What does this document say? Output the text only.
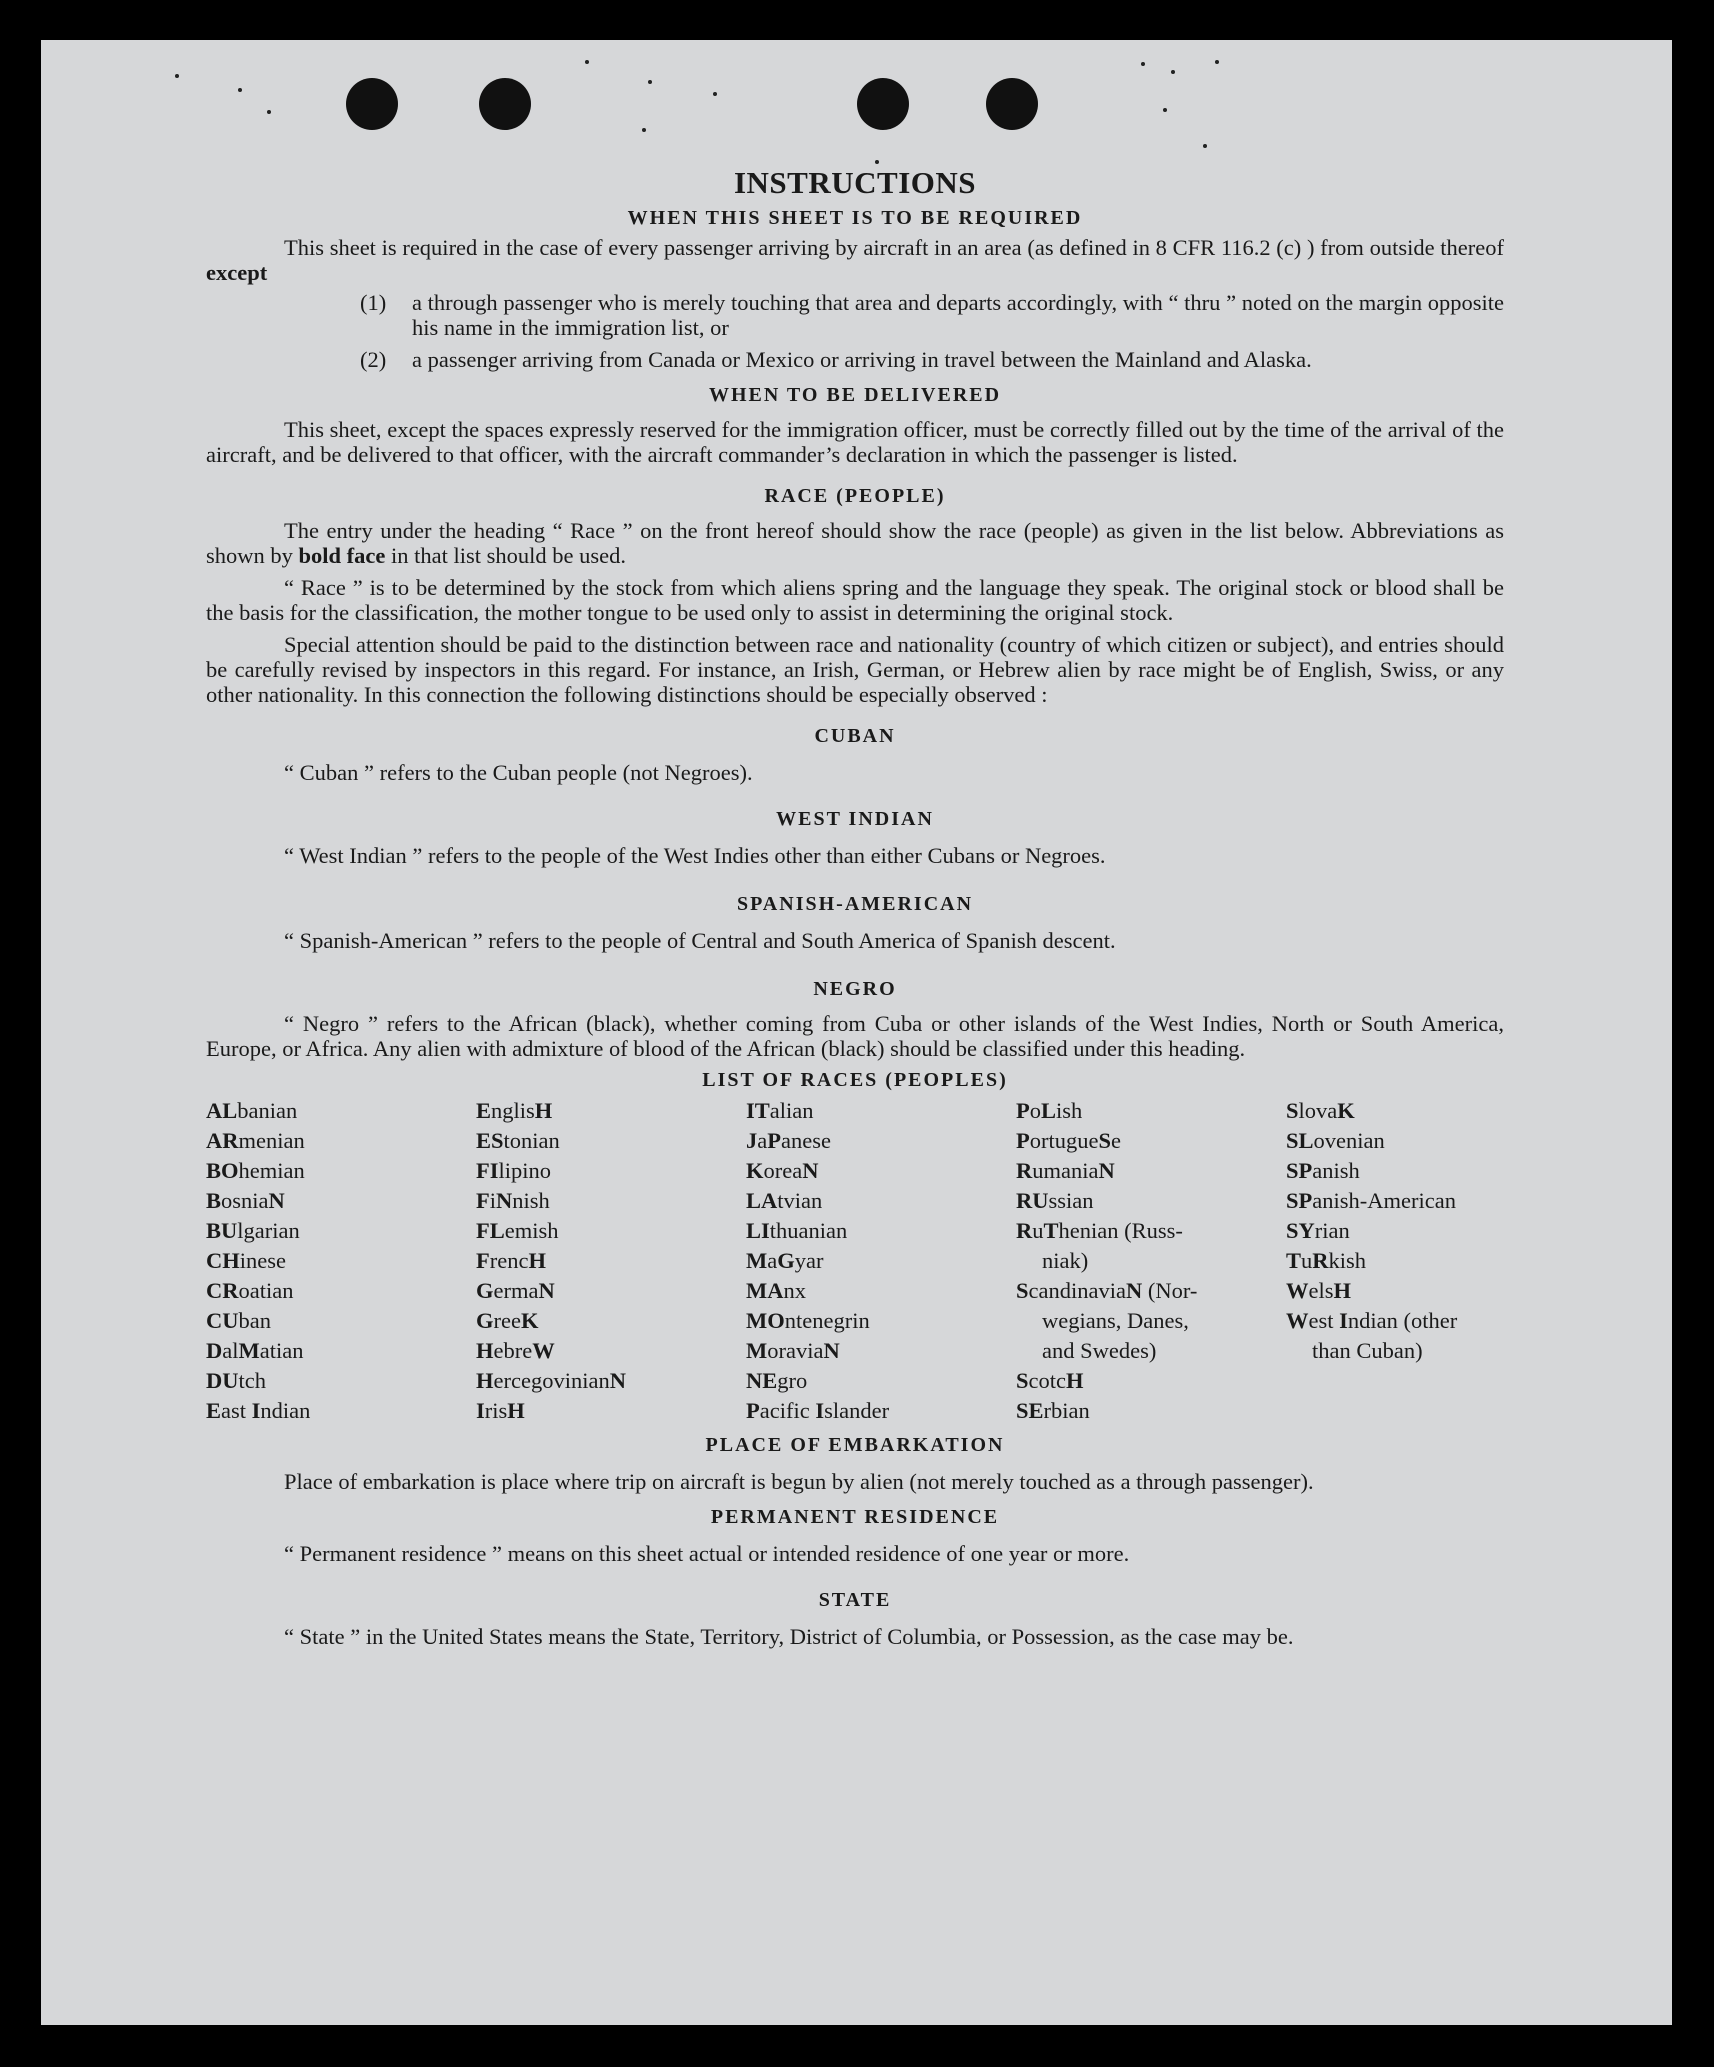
INSTRUCTIONS
WHEN THIS SHEET IS TO BE REQUIRED

This sheet is required in the case of every passenger arriving by aircraft in an area (as defined in 8 CFR 116.2 (c) ) from outside thereof except

(1)	a through passenger who is merely touching that area and departs accordingly, with “ thru ” noted on the margin opposite his name in the immigration list, or
(2)	a passenger arriving from Canada or Mexico or arriving in travel between the Mainland and Alaska.
WHEN TO BE DELIVERED

This sheet, except the spaces expressly reserved for the immigration officer, must be correctly filled out by the time of the arrival of the aircraft, and be delivered to that officer, with the aircraft commander’s declaration in which the passenger is listed.

RACE (PEOPLE)

The entry under the heading “ Race ” on the front hereof should show the race (people) as given in the list below. Abbreviations as shown by bold face in that list should be used.

“ Race ” is to be determined by the stock from which aliens spring and the language they speak. The original stock or blood shall be the basis for the classification, the mother tongue to be used only to assist in determining the original stock.

Special attention should be paid to the distinction between race and nationality (country of which citizen or subject), and entries should be carefully revised by inspectors in this regard. For instance, an Irish, German, or Hebrew alien by race might be of English, Swiss, or any other nationality. In this connection the following distinctions should be especially observed :

CUBAN

“ Cuban ” refers to the Cuban people (not Negroes).

WEST INDIAN

“ West Indian ” refers to the people of the West Indies other than either Cubans or Negroes.

SPANISH-AMERICAN

“ Spanish-American ” refers to the people of Central and South America of Spanish descent.

NEGRO

“ Negro ” refers to the African (black), whether coming from Cuba or other islands of the West Indies, North or South America, Europe, or Africa. Any alien with admixture of blood of the African (black) should be classified under this heading.

LIST OF RACES (PEOPLES)
ALbanian
ARmenian
BOhemian
BosniaN
BUlgarian
CHinese
CRoatian
CUban
DalMatian
DUtch
East Indian
EnglisH
EStonian
FIlipino
FiNnish
FLemish
FrencH
GermaN
GreeK
HebreW
HercegovinianN
IrisH
ITalian
JaPanese
KoreaN
LAtvian
LIthuanian
MaGyar
MAnx
MOntenegrin
MoraviaN
NEgro
Pacific Islander
PoLish
PortugueSe
RumaniaN
RUssian
RuThenian (Russ-
niak)
ScandinaviaN (Nor-
wegians, Danes,
and Swedes)
ScotcH
SErbian
SlovaK
SLovenian
SPanish
SPanish-American
SYrian
TuRkish
WelsH
West Indian (other
than Cuban)
PLACE OF EMBARKATION

Place of embarkation is place where trip on aircraft is begun by alien (not merely touched as a through passenger).

PERMANENT RESIDENCE

“ Permanent residence ” means on this sheet actual or intended residence of one year or more.

STATE

“ State ” in the United States means the State, Territory, District of Columbia, or Possession, as the case may be.
